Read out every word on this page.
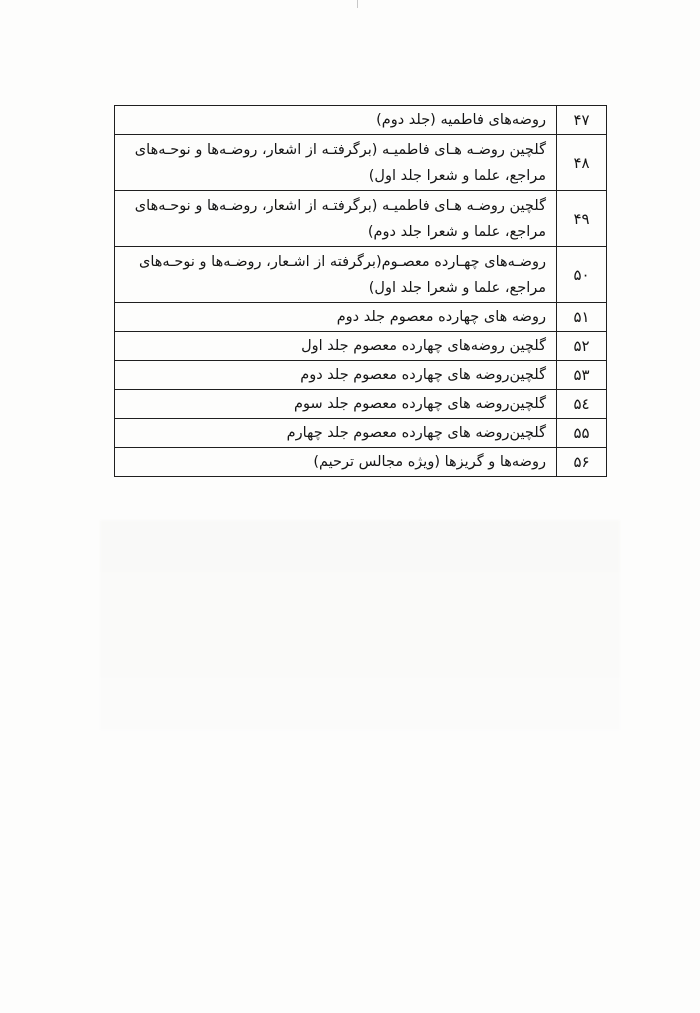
۴۷	روضه‌های فاطمیه (جلد دوم)
۴۸	گلچین روضـه هـای فاطمیـه (برگرفتـه از اشعار، روضـه‌ها و نوحـه‌های مراجع، علما و شعرا جلد اول)
۴۹	گلچین روضـه هـای فاطمیـه (برگرفتـه از اشعار، روضـه‌ها و نوحـه‌های مراجع، علما و شعرا جلد دوم)
۵۰	روضـه‌های چهـارده معصـوم(برگرفته از اشـعار، روضـه‌ها و نوحـه‌های مراجع، علما و شعرا جلد اول)
۵۱	روضه های چهارده معصوم جلد دوم
۵۲	گلچین روضه‌های چهارده معصوم جلد اول
۵۳	گلچین‌روضه های چهارده معصوم جلد دوم
۵٤	گلچین‌روضه های چهارده معصوم جلد سوم
۵۵	گلچین‌روضه های چهارده معصوم جلد چهارم
۵۶	روضه‌ها و گریزها (ویژه مجالس ترحیم)
